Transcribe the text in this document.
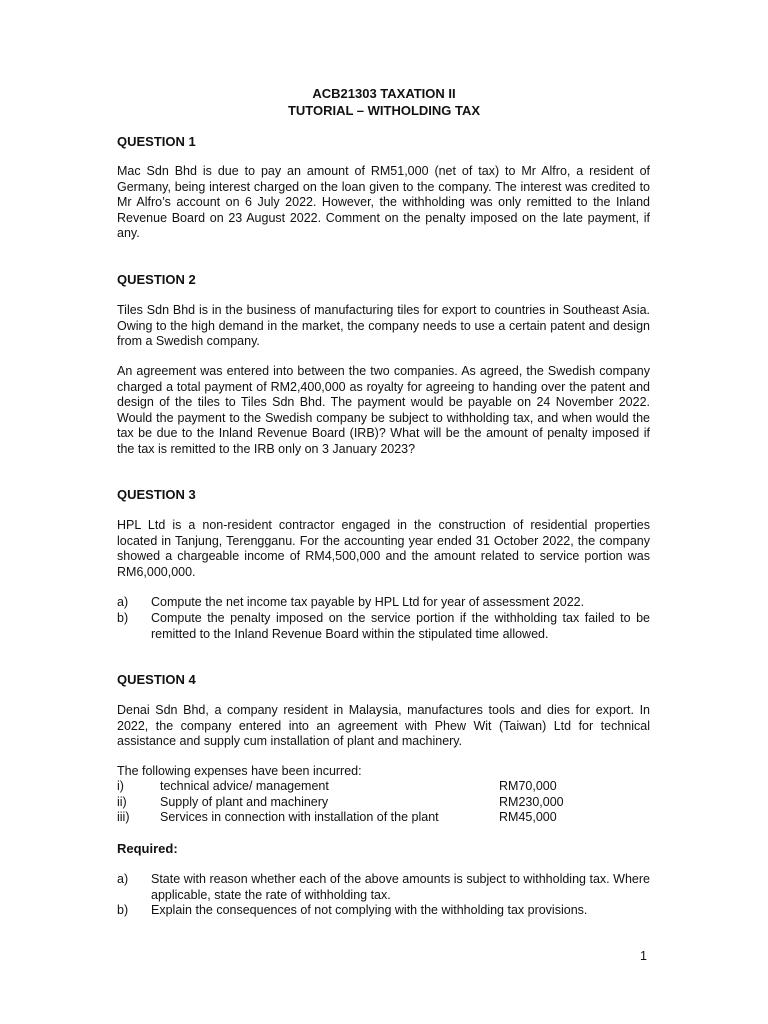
ACB21303 TAXATION II
TUTORIAL – WITHOLDING TAX
QUESTION 1
Mac Sdn Bhd is due to pay an amount of RM51,000 (net of tax) to Mr Alfro, a resident of Germany, being interest charged on the loan given to the company. The interest was credited to Mr Alfro’s account on 6 July 2022. However, the withholding was only remitted to the Inland Revenue Board on 23 August 2022. Comment on the penalty imposed on the late payment, if any.
QUESTION 2
Tiles Sdn Bhd is in the business of manufacturing tiles for export to countries in Southeast Asia. Owing to the high demand in the market, the company needs to use a certain patent and design from a Swedish company.
An agreement was entered into between the two companies. As agreed, the Swedish company charged a total payment of RM2,400,000 as royalty for agreeing to handing over the patent and design of the tiles to Tiles Sdn Bhd. The payment would be payable on 24 November 2022. Would the payment to the Swedish company be subject to withholding tax, and when would the tax be due to the Inland Revenue Board (IRB)? What will be the amount of penalty imposed if the tax is remitted to the IRB only on 3 January 2023?
QUESTION 3
HPL Ltd is a non-resident contractor engaged in the construction of residential properties located in Tanjung, Terengganu. For the accounting year ended 31 October 2022, the company showed a chargeable income of RM4,500,000 and the amount related to service portion was RM6,000,000.
a) Compute the net income tax payable by HPL Ltd for year of assessment 2022.
b) Compute the penalty imposed on the service portion if the withholding tax failed to be remitted to the Inland Revenue Board within the stipulated time allowed.
QUESTION 4
Denai Sdn Bhd, a company resident in Malaysia, manufactures tools and dies for export. In 2022, the company entered into an agreement with Phew Wit (Taiwan) Ltd for technical assistance and supply cum installation of plant and machinery.
The following expenses have been incurred:
i)	technical advice/ management	RM70,000
ii)	Supply of plant and machinery	RM230,000
iii) Services in connection with installation of the plant	RM45,000
Required:
a) State with reason whether each of the above amounts is subject to withholding tax. Where applicable, state the rate of withholding tax.
b) Explain the consequences of not complying with the withholding tax provisions.
1
